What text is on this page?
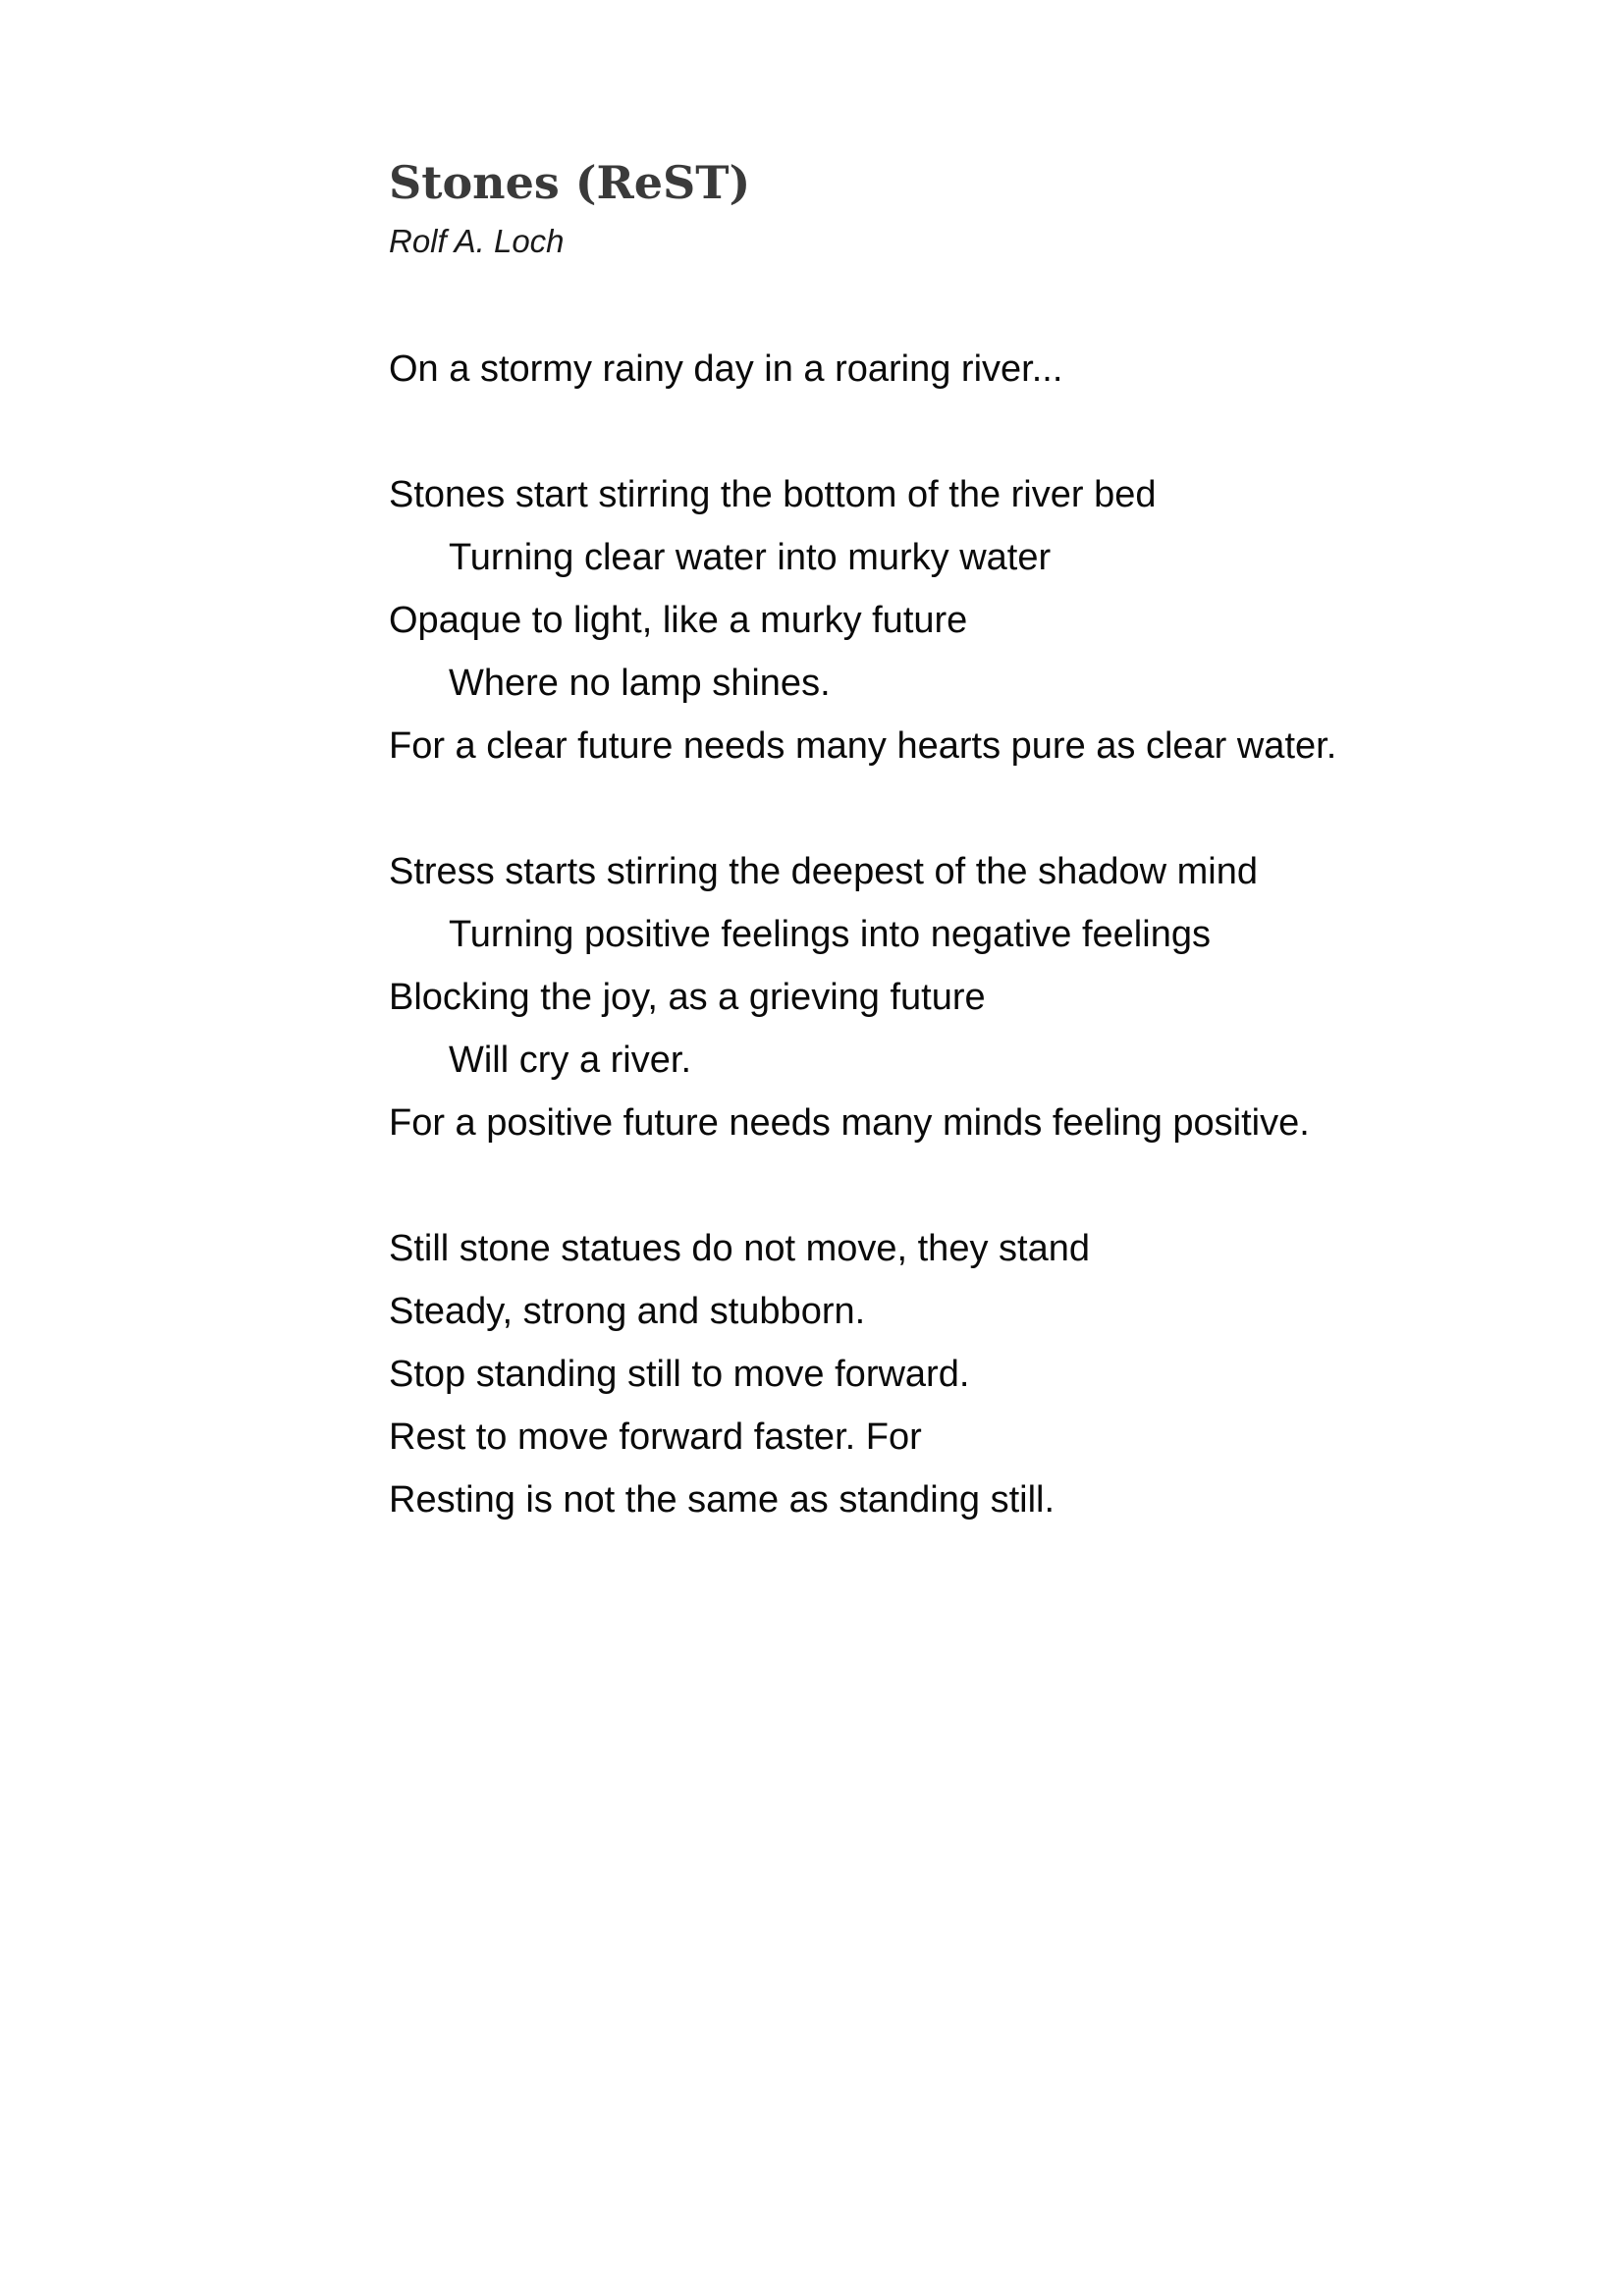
Stones (ReST)

Rolf A. Loch

On a stormy rainy day in a roaring river...
Stones start stirring the bottom of the river bed
Turning clear water into murky water
Opaque to light, like a murky future
Where no lamp shines.
For a clear future needs many hearts pure as clear water.
Stress starts stirring the deepest of the shadow mind
Turning positive feelings into negative feelings
Blocking the joy, as a grieving future
Will cry a river.
For a positive future needs many minds feeling positive.
Still stone statues do not move, they stand
Steady, strong and stubborn.
Stop standing still to move forward.
Rest to move forward faster. For
Resting is not the same as standing still.
